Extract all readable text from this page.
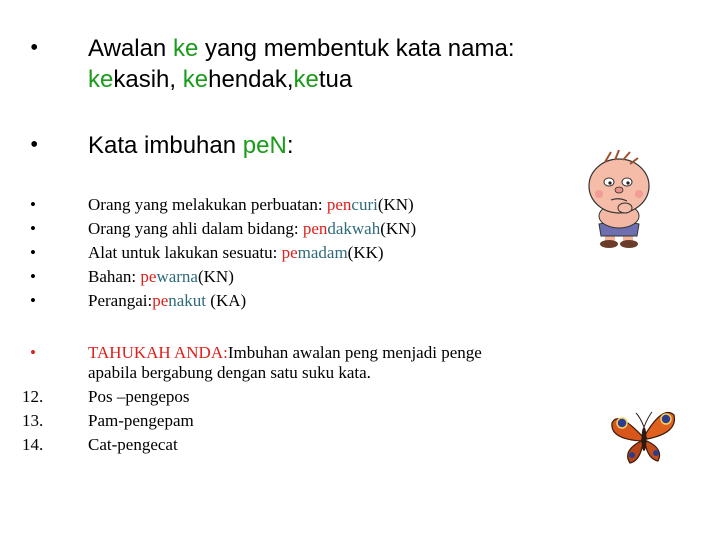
• Awalan ke yang membentuk kata nama:
kekasih, kehendak,ketua
• Kata imbuhan peN:
•	Orang yang melakukan perbuatan: pencuri(KN)
•	Orang yang ahli dalam bidang: pendakwah(KN)
•	Alat untuk lakukan sesuatu: pemadam(KK)
•	Bahan: pewarna(KN)
•	Perangai:penakut (KA)
•	TAHUKAH ANDA:Imbuhan awalan peng menjadi penge
apabila bergabung dengan satu suku kata.
12.	Pos –pengepos
13.	Pam-pengepam
14.	Cat-pengecat
